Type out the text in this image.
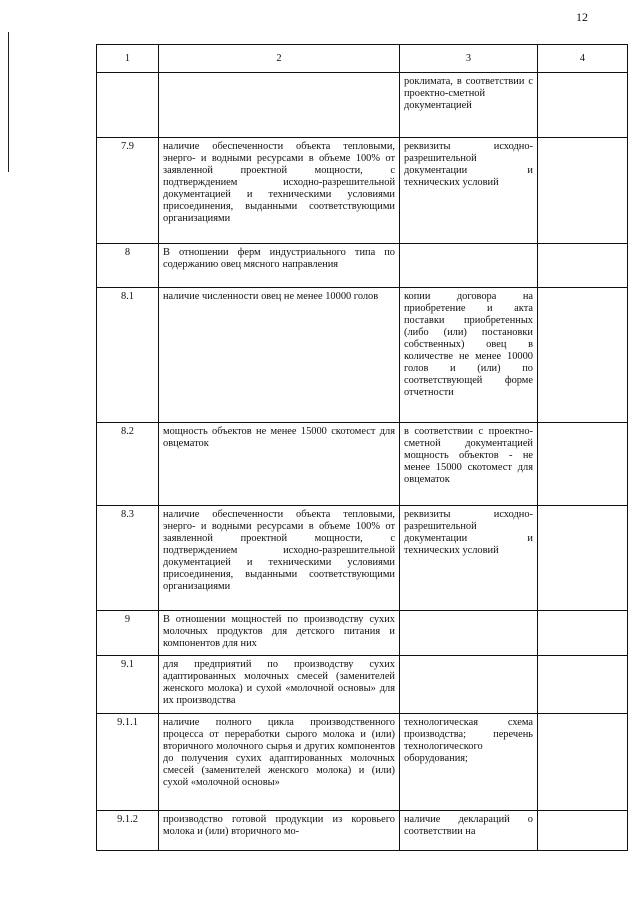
12
1	2	3	4
		роклимата, в соответствии с проектно-сметной документацией	
7.9	наличие обеспеченности объекта тепловыми, энерго- и водными ресурсами в объеме 100% от заявленной проектной мощности, с подтверждением исходно-разрешительной документацией и техническими условиями присоединения, выданными соответствующими организациями	реквизиты исходно-разрешительной документации и технических условий	
8	В отношении ферм индустриального типа по содержанию овец мясного направления		
8.1	наличие численности овец не менее 10000 голов	копии договора на приобретение и акта поставки приобретенных (либо (или) постановки собственных) овец в количестве не менее 10000 голов и (или) по соответствующей форме отчетности	
8.2	мощность объектов не менее 15000 скотомест для овцематок	в соответствии с проектно-сметной документацией мощность объектов - не менее 15000 скотомест для овцематок	
8.3	наличие обеспеченности объекта тепловыми, энерго- и водными ресурсами в объеме 100% от заявленной проектной мощности, с подтверждением исходно-разрешительной документацией и техническими условиями присоединения, выданными соответствующими организациями	реквизиты исходно-разрешительной документации и технических условий	
9	В отношении мощностей по производству сухих молочных продуктов для детского питания и компонентов для них		
9.1	для предприятий по производству сухих адаптированных молочных смесей (заменителей женского молока) и сухой «молочной основы» для их производства		
9.1.1	наличие полного цикла производственного процесса от переработки сырого молока и (или) вторичного молочного сырья и других компонентов до получения сухих адаптированных молочных смесей (заменителей женского молока) и (или) сухой «молочной основы»	технологическая схема производства; перечень технологического оборудования;	
9.1.2	производство готовой продукции из коровьего молока и (или) вторичного мо-	наличие деклараций о соответствии на	
